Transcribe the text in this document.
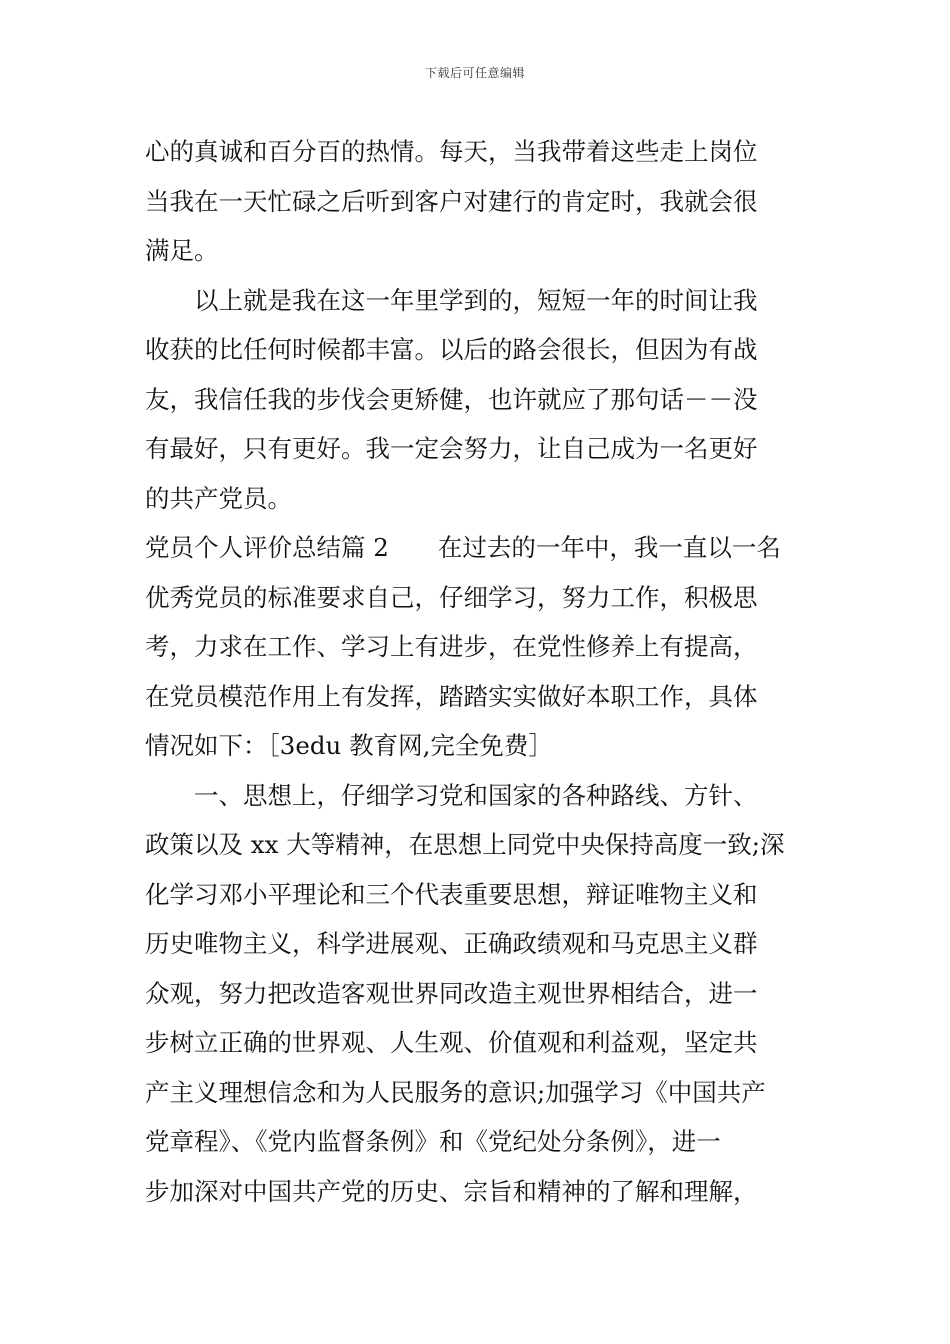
下载后可任意编辑
心的真诚和百分百的热情。每天，当我带着这些走上岗位
当我在一天忙碌之后听到客户对建行的肯定时，我就会很
满足。
以上就是我在这一年里学到的，短短一年的时间让我
收获的比任何时候都丰富。以后的路会很长，但因为有战
友，我信任我的步伐会更矫健，也许就应了那句话－－没
有最好，只有更好。我一定会努力，让自己成为一名更好
的共产党员。
党员个人评价总结篇 2　　在过去的一年中，我一直以一名
优秀党员的标准要求自己，仔细学习，努力工作，积极思
考，力求在工作、学习上有进步，在党性修养上有提高，
在党员模范作用上有发挥，踏踏实实做好本职工作，具体
情况如下：［3edu 教育网,完全免费］
一、思想上，仔细学习党和国家的各种路线、方针、
政策以及 xx 大等精神，在思想上同党中央保持高度一致;深
化学习邓小平理论和三个代表重要思想，辩证唯物主义和
历史唯物主义，科学进展观、正确政绩观和马克思主义群
众观，努力把改造客观世界同改造主观世界相结合，进一
步树立正确的世界观、人生观、价值观和利益观，坚定共
产主义理想信念和为人民服务的意识;加强学习《中国共产
党章程》、《党内监督条例》和《党纪处分条例》，进一
步加深对中国共产党的历史、宗旨和精神的了解和理解，
